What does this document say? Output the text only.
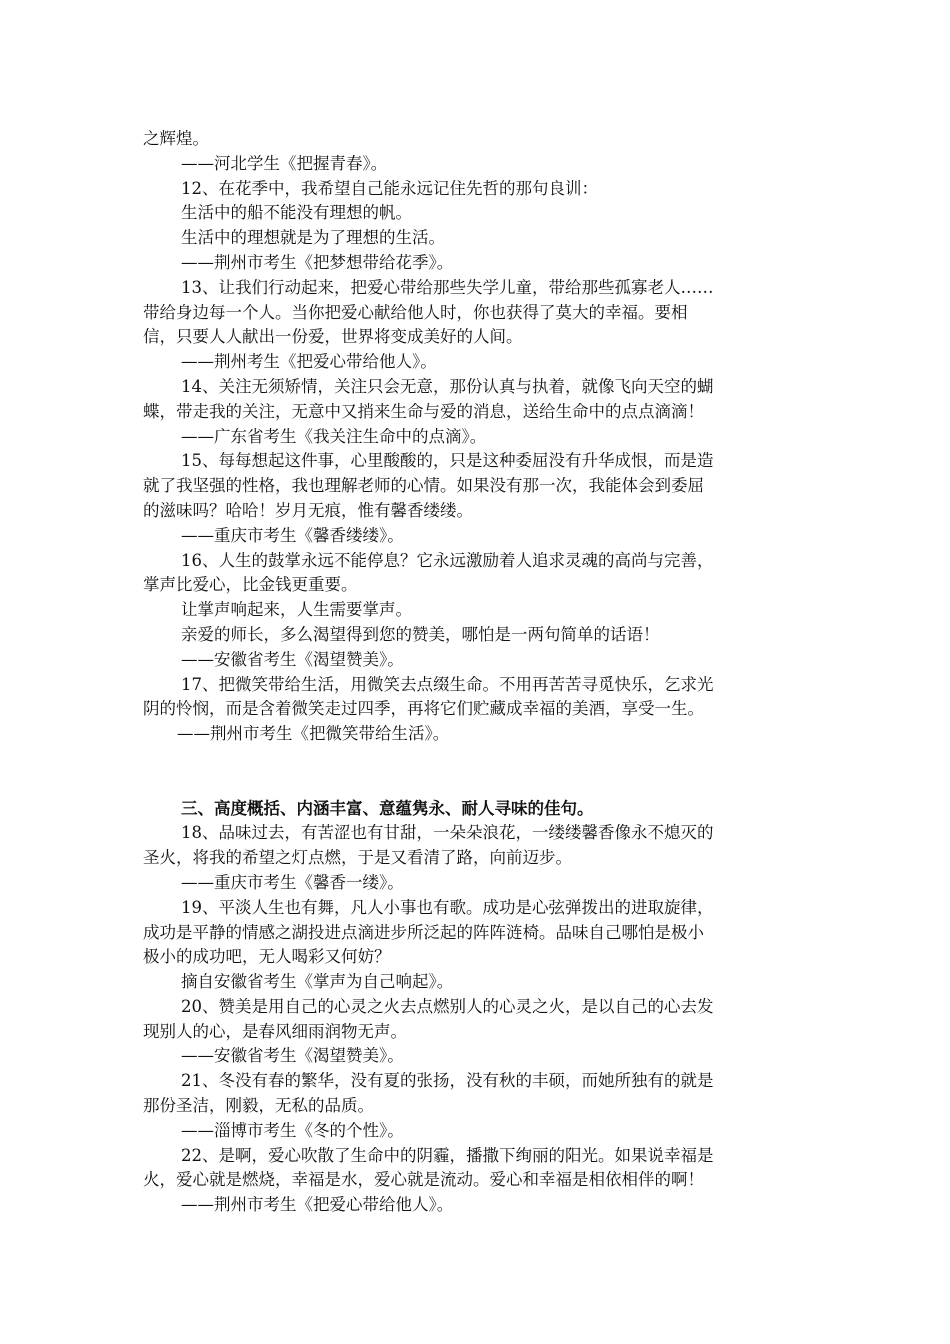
之辉煌。
——河北学生《把握青春》。
12、在花季中，我希望自己能永远记住先哲的那句良训：
生活中的船不能没有理想的帆。
生活中的理想就是为了理想的生活。
——荆州市考生《把梦想带给花季》。
13、让我们行动起来，把爱心带给那些失学儿童，带给那些孤寡老人……
带给身边每一个人。当你把爱心献给他人时，你也获得了莫大的幸福。要相
信，只要人人献出一份爱，世界将变成美好的人间。
——荆州考生《把爱心带给他人》。
14、关注无须矫情，关注只会无意，那份认真与执着，就像飞向天空的蝴
蝶，带走我的关注，无意中又捎来生命与爱的消息，送给生命中的点点滴滴！
——广东省考生《我关注生命中的点滴》。
15、每每想起这件事，心里酸酸的，只是这种委屈没有升华成恨，而是造
就了我坚强的性格，我也理解老师的心情。如果没有那一次，我能体会到委屈
的滋味吗？哈哈！岁月无痕，惟有馨香缕缕。
——重庆市考生《馨香缕缕》。
16、人生的鼓掌永远不能停息？它永远激励着人追求灵魂的高尚与完善，
掌声比爱心，比金钱更重要。
让掌声响起来，人生需要掌声。
亲爱的师长，多么渴望得到您的赞美，哪怕是一两句简单的话语！
——安徽省考生《渴望赞美》。
17、把微笑带给生活，用微笑去点缀生命。不用再苦苦寻觅快乐，乞求光
阴的怜悯，而是含着微笑走过四季，再将它们贮藏成幸福的美酒，享受一生。
——荆州市考生《把微笑带给生活》。
三、高度概括、内涵丰富、意蕴隽永、耐人寻味的佳句。
18、品味过去，有苦涩也有甘甜，一朵朵浪花，一缕缕馨香像永不熄灭的
圣火，将我的希望之灯点燃，于是又看清了路，向前迈步。
——重庆市考生《馨香一缕》。
19、平淡人生也有舞，凡人小事也有歌。成功是心弦弹拨出的进取旋律，
成功是平静的情感之湖投进点滴进步所泛起的阵阵涟椅。品味自己哪怕是极小
极小的成功吧，无人喝彩又何妨？
摘自安徽省考生《掌声为自己响起》。
20、赞美是用自己的心灵之火去点燃别人的心灵之火，是以自己的心去发
现别人的心，是春风细雨润物无声。
——安徽省考生《渴望赞美》。
21、冬没有春的繁华，没有夏的张扬，没有秋的丰硕，而她所独有的就是
那份圣洁，刚毅，无私的品质。
——淄博市考生《冬的个性》。
22、是啊，爱心吹散了生命中的阴霾，播撒下绚丽的阳光。如果说幸福是
火，爱心就是燃烧，幸福是水，爱心就是流动。爱心和幸福是相依相伴的啊！
——荆州市考生《把爱心带给他人》。
